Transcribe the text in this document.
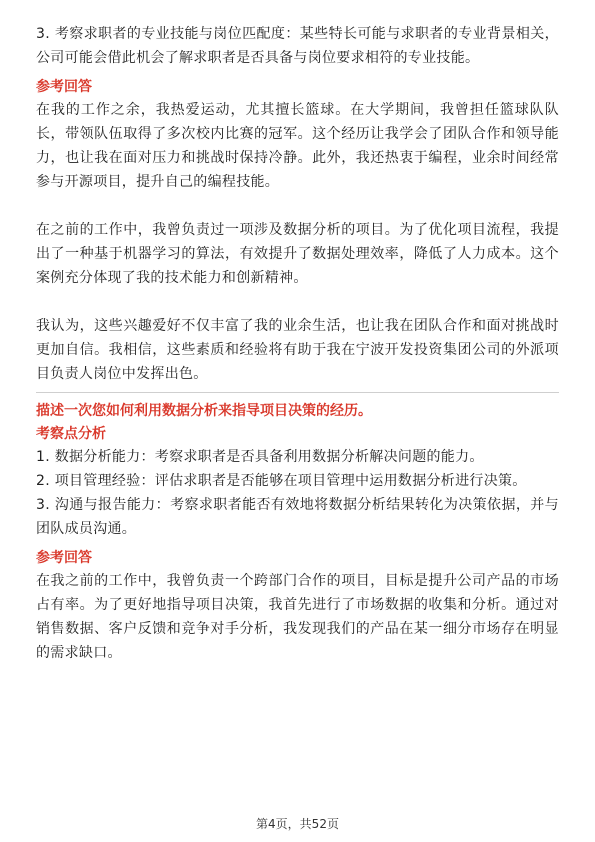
3. 考察求职者的专业技能与岗位匹配度：某些特长可能与求职者的专业背景相关，公司可能会借此机会了解求职者是否具备与岗位要求相符的专业技能。

参考回答

在我的工作之余，我热爱运动，尤其擅长篮球。在大学期间，我曾担任篮球队队长，带领队伍取得了多次校内比赛的冠军。这个经历让我学会了团队合作和领导能力，也让我在面对压力和挑战时保持冷静。此外，我还热衷于编程，业余时间经常参与开源项目，提升自己的编程技能。

在之前的工作中，我曾负责过一项涉及数据分析的项目。为了优化项目流程，我提出了一种基于机器学习的算法，有效提升了数据处理效率，降低了人力成本。这个案例充分体现了我的技术能力和创新精神。

我认为，这些兴趣爱好不仅丰富了我的业余生活，也让我在团队合作和面对挑战时更加自信。我相信，这些素质和经验将有助于我在宁波开发投资集团公司的外派项目负责人岗位中发挥出色。

描述一次您如何利用数据分析来指导项目决策的经历。
考察点分析

1. 数据分析能力：考察求职者是否具备利用数据分析解决问题的能力。

2. 项目管理经验：评估求职者是否能够在项目管理中运用数据分析进行决策。

3. 沟通与报告能力：考察求职者能否有效地将数据分析结果转化为决策依据，并与团队成员沟通。

参考回答

在我之前的工作中，我曾负责一个跨部门合作的项目，目标是提升公司产品的市场占有率。为了更好地指导项目决策，我首先进行了市场数据的收集和分析。通过对销售数据、客户反馈和竞争对手分析，我发现我们的产品在某一细分市场存在明显的需求缺口。

第4页，共52页
